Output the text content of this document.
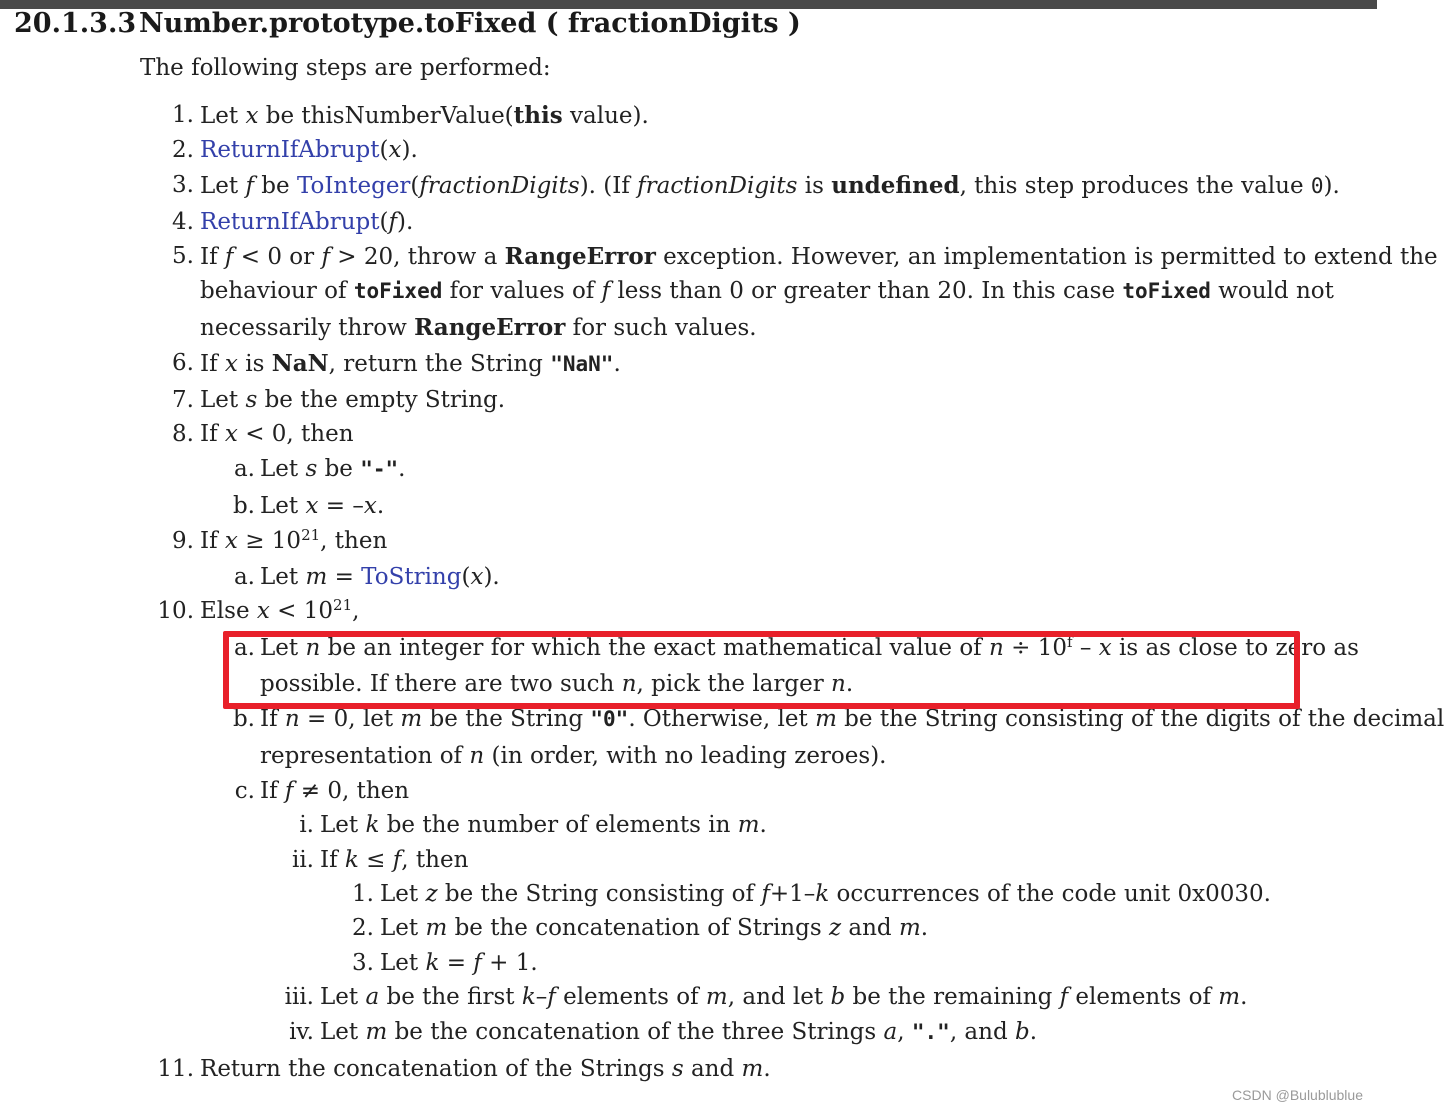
20.1.3.3 Number.prototype.toFixed ( fractionDigits )
The following steps are performed:
1. Let x be thisNumberValue(this value).
2. ReturnIfAbrupt(x).
3. Let f be ToInteger(fractionDigits). (If fractionDigits is undefined, this step produces the value 0).
4. ReturnIfAbrupt(f).
5. If f < 0 or f > 20, throw a RangeError exception. However, an implementation is permitted to extend the
behaviour of toFixed for values of f less than 0 or greater than 20. In this case toFixed would not
necessarily throw RangeError for such values.
6. If x is NaN, return the String "NaN".
7. Let s be the empty String.
8. If x < 0, then
a. Let s be "-".
b. Let x = –x.
9. If $x \ge 10^{21}$, then
a. Let m = ToString(x).
10. Else $x < 10^{21}$,
a. Let n be an integer for which the exact mathematical value of $n \div 10^f - x$ is as close to zero as
possible. If there are two such n, pick the larger n.
b. If n = 0, let m be the String "0". Otherwise, let m be the String consisting of the digits of the decimal
representation of n (in order, with no leading zeroes).
c. If f ≠ 0, then
i. Let k be the number of elements in m.
ii. If k ≤ f, then
1. Let z be the String consisting of f+1–k occurrences of the code unit 0x0030.
2. Let m be the concatenation of Strings z and m.
3. Let k = f + 1.
iii. Let a be the first k–f elements of m, and let b be the remaining f elements of m.
iv. Let m be the concatenation of the three Strings a, ".", and b.
11. Return the concatenation of the Strings s and m.
CSDN @Bulublublue
